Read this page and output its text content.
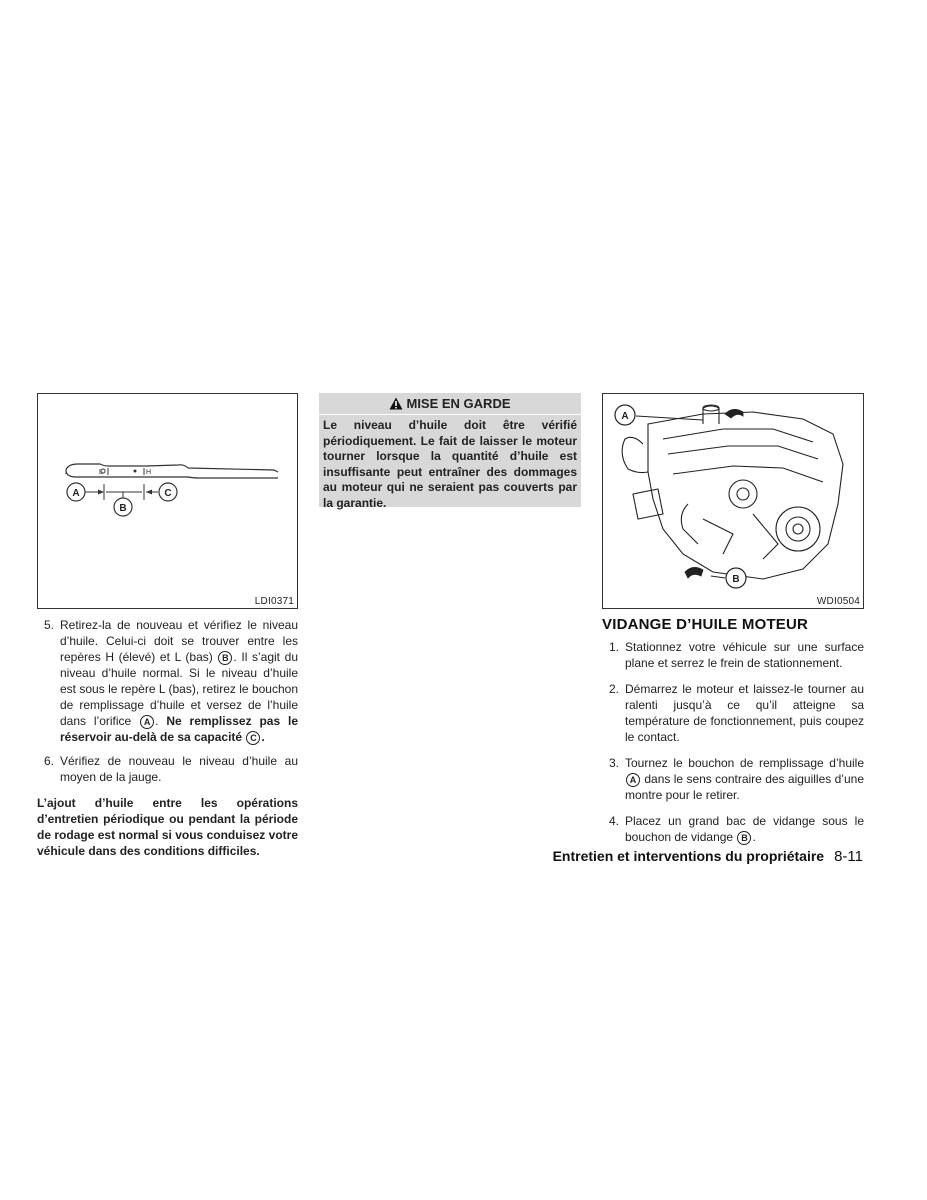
L	H
A
B
C
LDI0371
5. Retirez-la de nouveau et vérifiez le niveau d’huile. Celui-ci doit se trouver entre les repères H (élevé) et L (bas) B . Il s’agit du niveau d’huile normal. Si le niveau d’huile est sous le repère L (bas), retirez le bouchon de remplissage d’huile et versez de l’huile dans l’orifice A . Ne remplissez pas le réservoir au-delà de sa capacité C .
6. Vérifiez de nouveau le niveau d’huile au moyen de la jauge.

L’ajout d’huile entre les opérations d’entretien périodique ou pendant la période de rodage est normal si vous conduisez votre véhicule dans des conditions difficiles.

MISE EN GARDE
Le niveau d’huile doit être vérifié périodiquement. Le fait de laisser le moteur tourner lorsque la quantité d’huile est insuffisante peut entraîner des dommages au moteur qui ne seraient pas couverts par la garantie.
A
B
WDI0504
VIDANGE D’HUILE MOTEUR
1. Stationnez votre véhicule sur une surface plane et serrez le frein de stationnement.
2. Démarrez le moteur et laissez-le tourner au ralenti jusqu’à ce qu’il atteigne sa température de fonctionnement, puis coupez le contact.
3. Tournez le bouchon de remplissage d’huile A dans le sens contraire des aiguilles d’une montre pour le retirer.
4. Placez un grand bac de vidange sous le bouchon de vidange B .
Entretien et interventions du propriétaire 8-11
